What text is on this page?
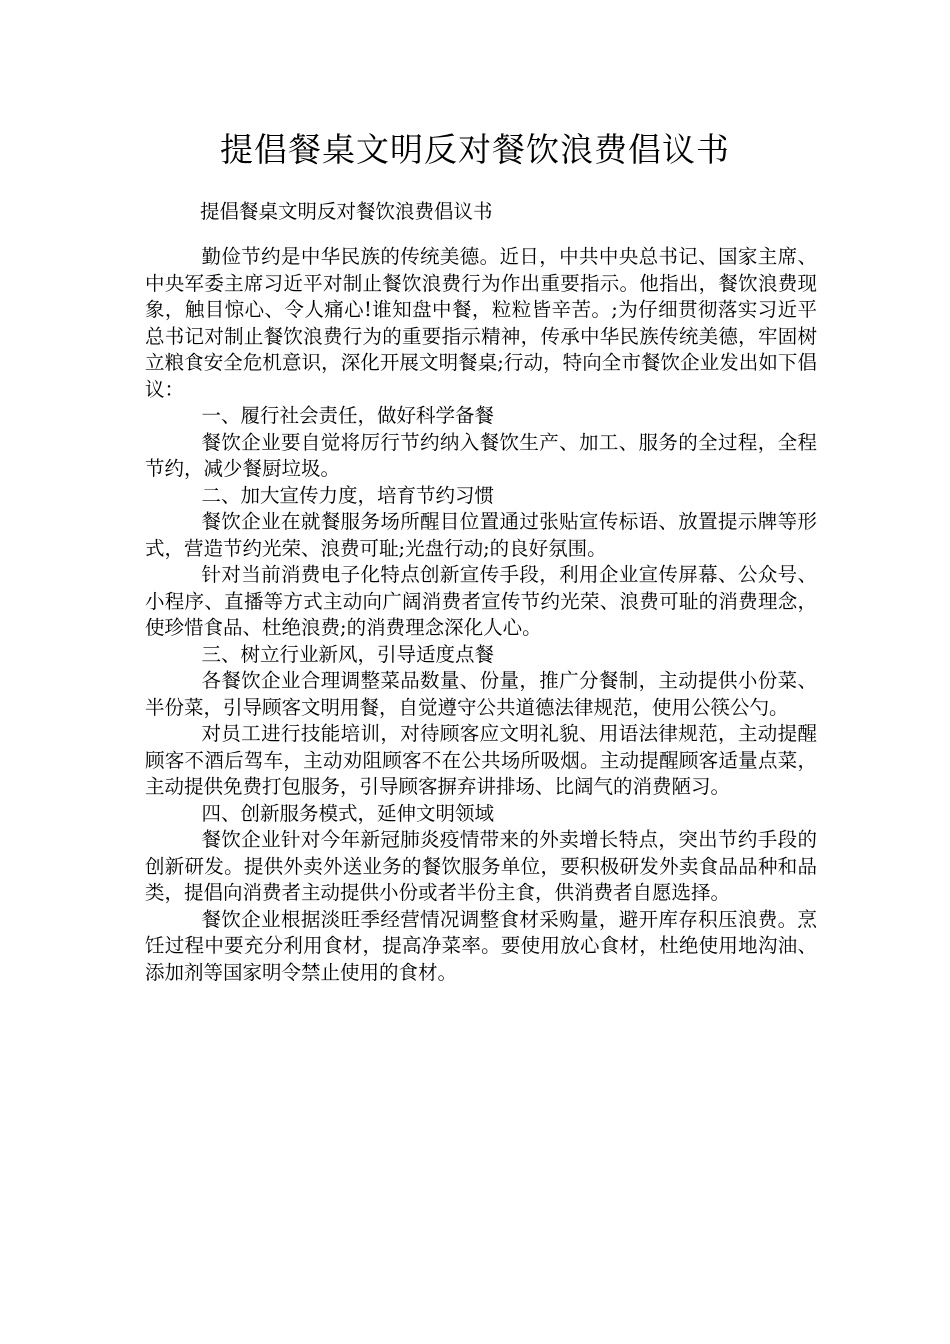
提倡餐桌文明反对餐饮浪费倡议书

提倡餐桌文明反对餐饮浪费倡议书

勤俭节约是中华民族的传统美德。近日，中共中央总书记、国家主席、中央军委主席习近平对制止餐饮浪费行为作出重要指示。他指出，餐饮浪费现象，触目惊心、令人痛心!谁知盘中餐，粒粒皆辛苦。;为仔细贯彻落实习近平总书记对制止餐饮浪费行为的重要指示精神，传承中华民族传统美德，牢固树立粮食安全危机意识，深化开展文明餐桌;行动，特向全市餐饮企业发出如下倡议：

一、履行社会责任，做好科学备餐

餐饮企业要自觉将厉行节约纳入餐饮生产、加工、服务的全过程，全程节约，减少餐厨垃圾。

二、加大宣传力度，培育节约习惯

餐饮企业在就餐服务场所醒目位置通过张贴宣传标语、放置提示牌等形式，营造节约光荣、浪费可耻;光盘行动;的良好氛围。

针对当前消费电子化特点创新宣传手段，利用企业宣传屏幕、公众号、小程序、直播等方式主动向广阔消费者宣传节约光荣、浪费可耻的消费理念，使珍惜食品、杜绝浪费;的消费理念深化人心。

三、树立行业新风，引导适度点餐

各餐饮企业合理调整菜品数量、份量，推广分餐制，主动提供小份菜、半份菜，引导顾客文明用餐，自觉遵守公共道德法律规范，使用公筷公勺。

对员工进行技能培训，对待顾客应文明礼貌、用语法律规范，主动提醒顾客不酒后驾车，主动劝阻顾客不在公共场所吸烟。主动提醒顾客适量点菜，主动提供免费打包服务，引导顾客摒弃讲排场、比阔气的消费陋习。

四、创新服务模式，延伸文明领域

餐饮企业针对今年新冠肺炎疫情带来的外卖增长特点，突出节约手段的创新研发。提供外卖外送业务的餐饮服务单位，要积极研发外卖食品品种和品类，提倡向消费者主动提供小份或者半份主食，供消费者自愿选择。

餐饮企业根据淡旺季经营情况调整食材采购量，避开库存积压浪费。烹饪过程中要充分利用食材，提高净菜率。要使用放心食材，杜绝使用地沟油、添加剂等国家明令禁止使用的食材。
